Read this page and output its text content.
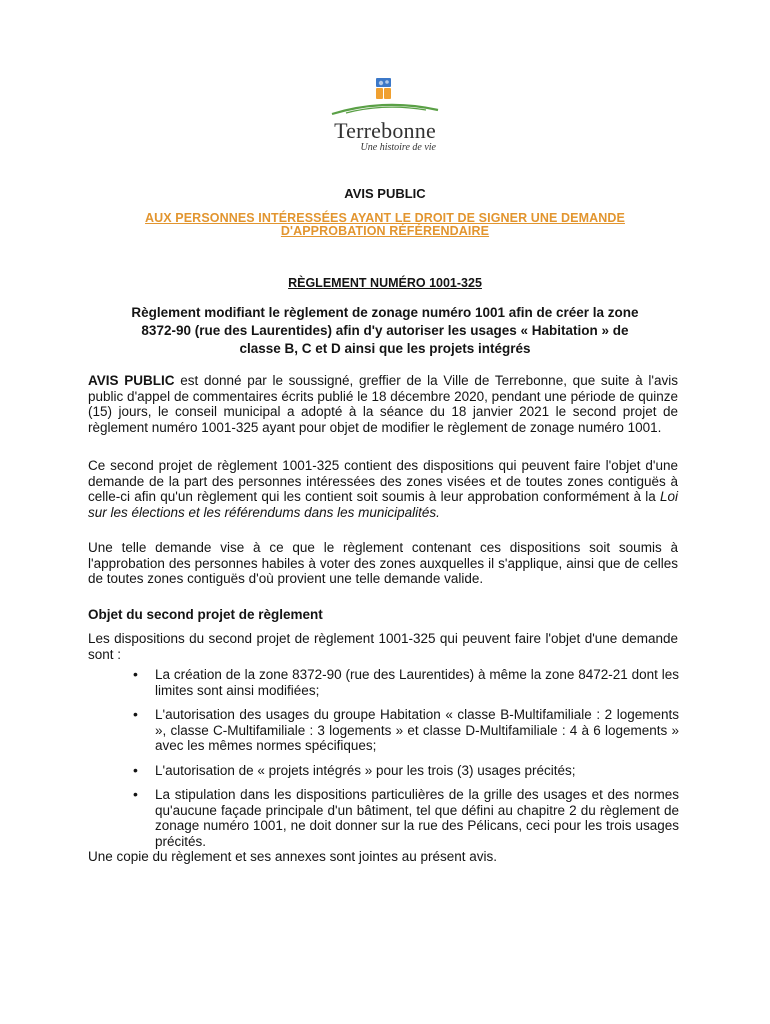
Terrebonne
Une histoire de vie
AVIS PUBLIC
AUX PERSONNES INTÉRESSÉES AYANT LE DROIT DE SIGNER UNE DEMANDE
D'APPROBATION RÉFÉRENDAIRE
RÈGLEMENT NUMÉRO 1001-325
Règlement modifiant le règlement de zonage numéro 1001 afin de créer la zone
8372-90 (rue des Laurentides) afin d'y autoriser les usages « Habitation » de
classe B, C et D ainsi que les projets intégrés

AVIS PUBLIC est donné par le soussigné, greffier de la Ville de Terrebonne, que suite à l'avis public d'appel de commentaires écrits publié le 18 décembre 2020, pendant une période de quinze (15) jours, le conseil municipal a adopté à la séance du 18 janvier 2021 le second projet de règlement numéro 1001-325 ayant pour objet de modifier le règlement de zonage numéro 1001.

Ce second projet de règlement 1001-325 contient des dispositions qui peuvent faire l'objet d'une demande de la part des personnes intéressées des zones visées et de toutes zones contiguës à celle-ci afin qu'un règlement qui les contient soit soumis à leur approbation conformément à la Loi sur les élections et les référendums dans les municipalités.

Une telle demande vise à ce que le règlement contenant ces dispositions soit soumis à l'approbation des personnes habiles à voter des zones auxquelles il s'applique, ainsi que de celles de toutes zones contiguës d'où provient une telle demande valide.

Objet du second projet de règlement

Les dispositions du second projet de règlement 1001-325 qui peuvent faire l'objet d'une demande sont :

• La création de la zone 8372-90 (rue des Laurentides) à même la zone 8472-21 dont les limites sont ainsi modifiées;
• L'autorisation des usages du groupe Habitation « classe B-Multifamiliale : 2 logements », classe C-Multifamiliale : 3 logements » et classe D-Multifamiliale : 4 à 6 logements » avec les mêmes normes spécifiques;
• L'autorisation de « projets intégrés » pour les trois (3) usages précités;
• La stipulation dans les dispositions particulières de la grille des usages et des normes qu'aucune façade principale d'un bâtiment, tel que défini au chapitre 2 du règlement de zonage numéro 1001, ne doit donner sur la rue des Pélicans, ceci pour les trois usages précités.

Une copie du règlement et ses annexes sont jointes au présent avis.
